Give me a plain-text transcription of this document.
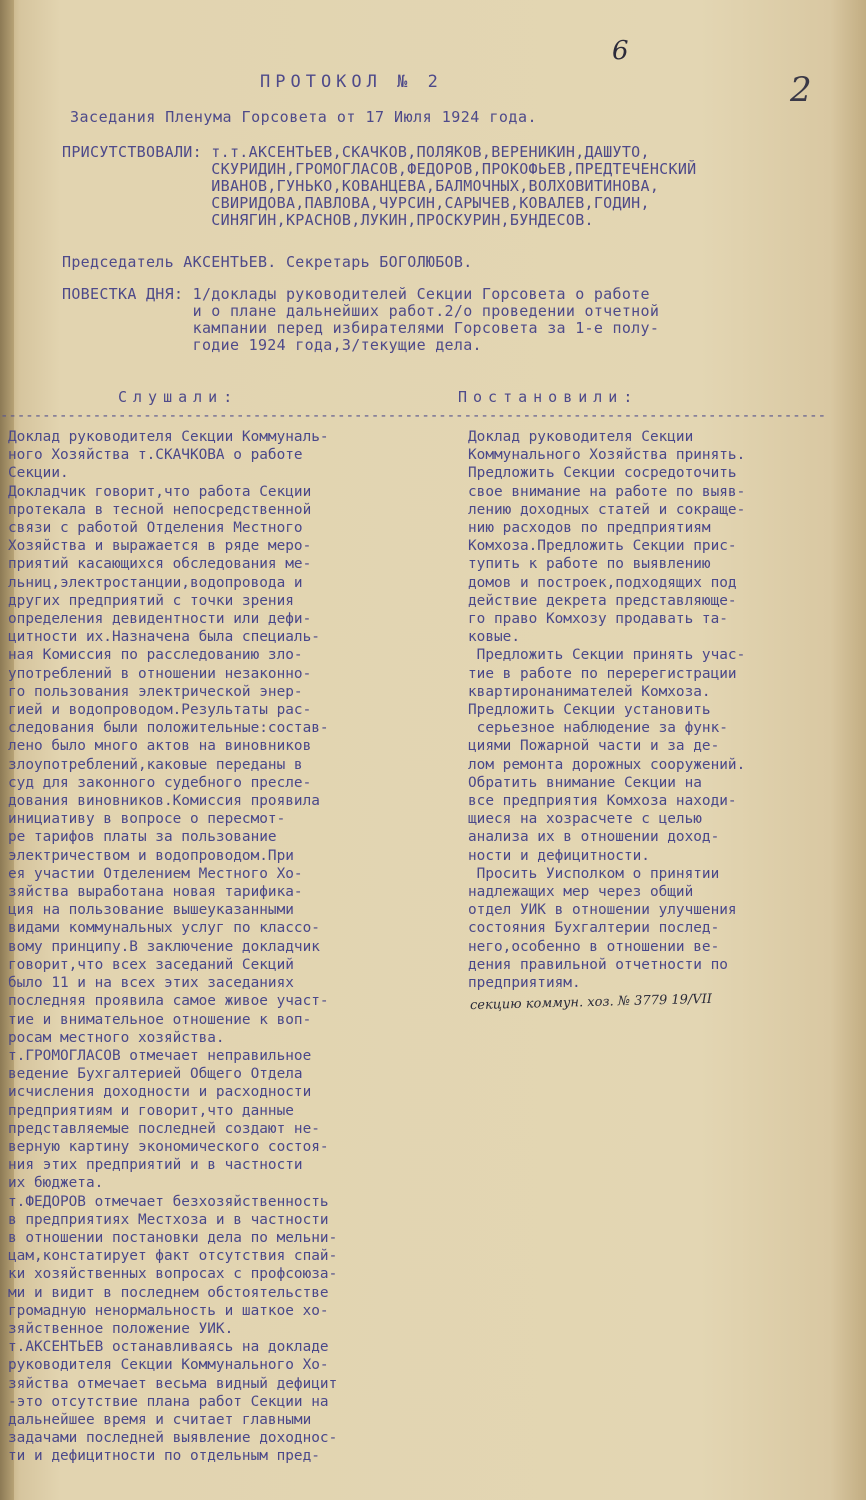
6
2
ПРОТОКОЛ № 2
Заседания Пленума Горсовета от 17 Июля 1924 года.
ПРИСУТСТВОВАЛИ: т.т.АКСЕНТЬЕВ,СКАЧКОВ,ПОЛЯКОВ,ВЕРЕНИКИН,ДАШУТО,
СКУРИДИН,ГРОМОГЛАСОВ,ФЕДОРОВ,ПРОКОФЬЕВ,ПРЕДТЕЧЕНСКИЙ
ИВАНОВ,ГУНЬКО,КОВАНЦЕВА,БАЛМОЧНЫХ,ВОЛХОВИТИНОВА,
СВИРИДОВА,ПАВЛОВА,ЧУРСИН,САРЫЧЕВ,КОВАЛЕВ,ГОДИН,
СИНЯГИН,КРАСНОВ,ЛУКИН,ПРОСКУРИН,БУНДЕСОВ.
Председатель АКСЕНТЬЕВ. Секретарь БОГОЛЮБОВ.
ПОВЕСТКА ДНЯ: 1/доклады руководителей Секции Горсовета о работе
и о плане дальнейших работ.2/о проведении отчетной
кампании перед избирателями Горсовета за 1-е полу-
годие 1924 года,3/текущие дела.
Слушали:	Постановили:
--------------------------------------------------------------------------------------------------
Доклад руководителя Секции Коммуналь-
ного Хозяйства т.СКАЧКОВА о работе
Секции.
Докладчик говорит,что работа Секции
протекала в тесной непосредственной
связи с работой Отделения Местного
Хозяйства и выражается в ряде меро-
приятий касающихся обследования ме-
льниц,электростанции,водопровода и
других предприятий с точки зрения
определения девидентности или дефи-
цитности их.Назначена была специаль-
ная Комиссия по расследованию зло-
употреблений в отношении незаконно-
го пользования электрической энер-
гией и водопроводом.Результаты рас-
следования были положительные:состав-
лено было много актов на виновников
злоупотреблений,каковые переданы в
суд для законного судебного пресле-
дования виновников.Комиссия проявила
инициативу в вопросе о пересмот-
ре тарифов платы за пользование
электричеством и водопроводом.При
ея участии Отделением Местного Хо-
зяйства выработана новая тарифика-
ция на пользование вышеуказанными
видами коммунальных услуг по классо-
вому принципу.В заключение докладчик
говорит,что всех заседаний Секций
было 11 и на всех этих заседаниях
последняя проявила самое живое участ-
тие и внимательное отношение к воп-
росам местного хозяйства.
т.ГРОМОГЛАСОВ отмечает неправильное
ведение Бухгалтерией Общего Отдела
исчисления доходности и расходности
предприятиям и говорит,что данные
представляемые последней создают не-
верную картину экономического состоя-
ния этих предприятий и в частности
их бюджета.
т.ФЕДОРОВ отмечает безхозяйственность
в предприятиях Местхоза и в частности
в отношении постановки дела по мельни-
цам,констатирует факт отсутствия спай-
ки хозяйственных вопросах с профсоюза-
ми и видит в последнем обстоятельстве
громадную ненормальность и шаткое хо-
зяйственное положение УИК.
т.АКСЕНТЬЕВ останавливаясь на докладе
руководителя Секции Коммунального Хо-
зяйства отмечает весьма видный дефицит
-это отсутствие плана работ Секции на
дальнейшее время и считает главными
задачами последней выявление доходнос-
ти и дефицитности по отдельным пред-
Доклад руководителя Секции
Коммунального Хозяйства принять.
Предложить Секции сосредоточить
свое внимание на работе по выяв-
лению доходных статей и сокраще-
нию расходов по предприятиям
Комхоза.Предложить Секции прис-
тупить к работе по выявлению
домов и построек,подходящих под
действие декрета представляюще-
го право Комхозу продавать та-
ковые.
Предложить Секции принять учас-
тие в работе по перерегистрации
квартиронанимателей Комхоза.
Предложить Секции установить
серьезное наблюдение за функ-
циями Пожарной части и за де-
лом ремонта дорожных сооружений.
Обратить внимание Секции на
все предприятия Комхоза находи-
щиеся на хозрасчете с целью
анализа их в отношении доход-
ности и дефицитности.
Просить Уисполком о принятии
надлежащих мер через общий
отдел УИК в отношении улучшения
состояния Бухгалтерии послед-
него,особенно в отношении ве-
дения правильной отчетности по
предприятиям.
секцию коммун. хоз. № 3779 19/VII
